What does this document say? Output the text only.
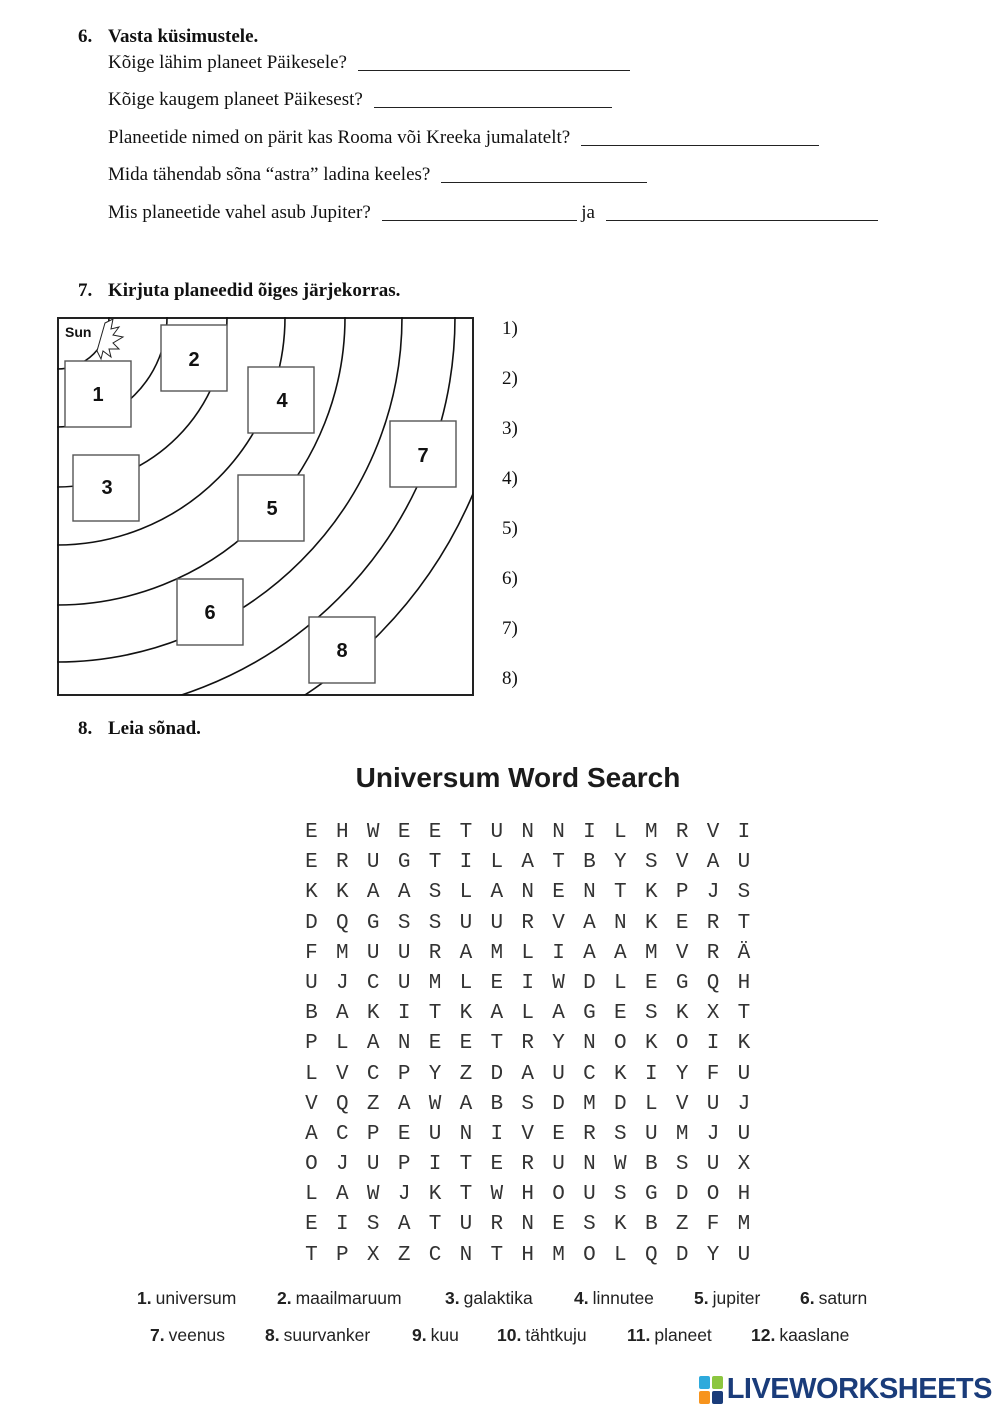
6. Vasta küsimustele.
Kõige lähim planeet Päikesele?
Kõige kaugem planeet Päikesest?
Planeetide nimed on pärit kas Rooma või Kreeka jumalatelt?
Mida tähendab sõna “astra” ladina keeles?
Mis planeetide vahel asub Jupiter?	ja
7. Kirjuta planeedid õiges järjekorras.
Sun
1
2
3
4
5
6
7
8
1)
2)
3)
4)
5)
6)
7)
8)
8. Leia sõnad.
Universum Word Search
E H W E E T U N N I L M R V I
E R U G T I L A T B Y S V A U
K K A A S L A N E N T K P J S
D Q G S S U U R V A N K E R T
F M U U R A M L I A A M V R Ä
U J C U M L E I W D L E G Q H
B A K I T K A L A G E S K X T
P L A N E E T R Y N O K O I K
L V C P Y Z D A U C K I Y F U
V Q Z A W A B S D M D L V U J
A C P E U N I V E R S U M J U
O J U P I T E R U N W B S U X
L A W J K T W H O U S G D O H
E I S A T U R N E S K B Z F M
T P X Z C N T H M O L Q D Y U
1. universum 2. maailmaruum 3. galaktika 4. linnutee 5. jupiter 6. saturn
7. veenus 8. suurvanker 9. kuu 10. tähtkuju 11. planeet 12. kaaslane
LIVEWORKSHEETS
